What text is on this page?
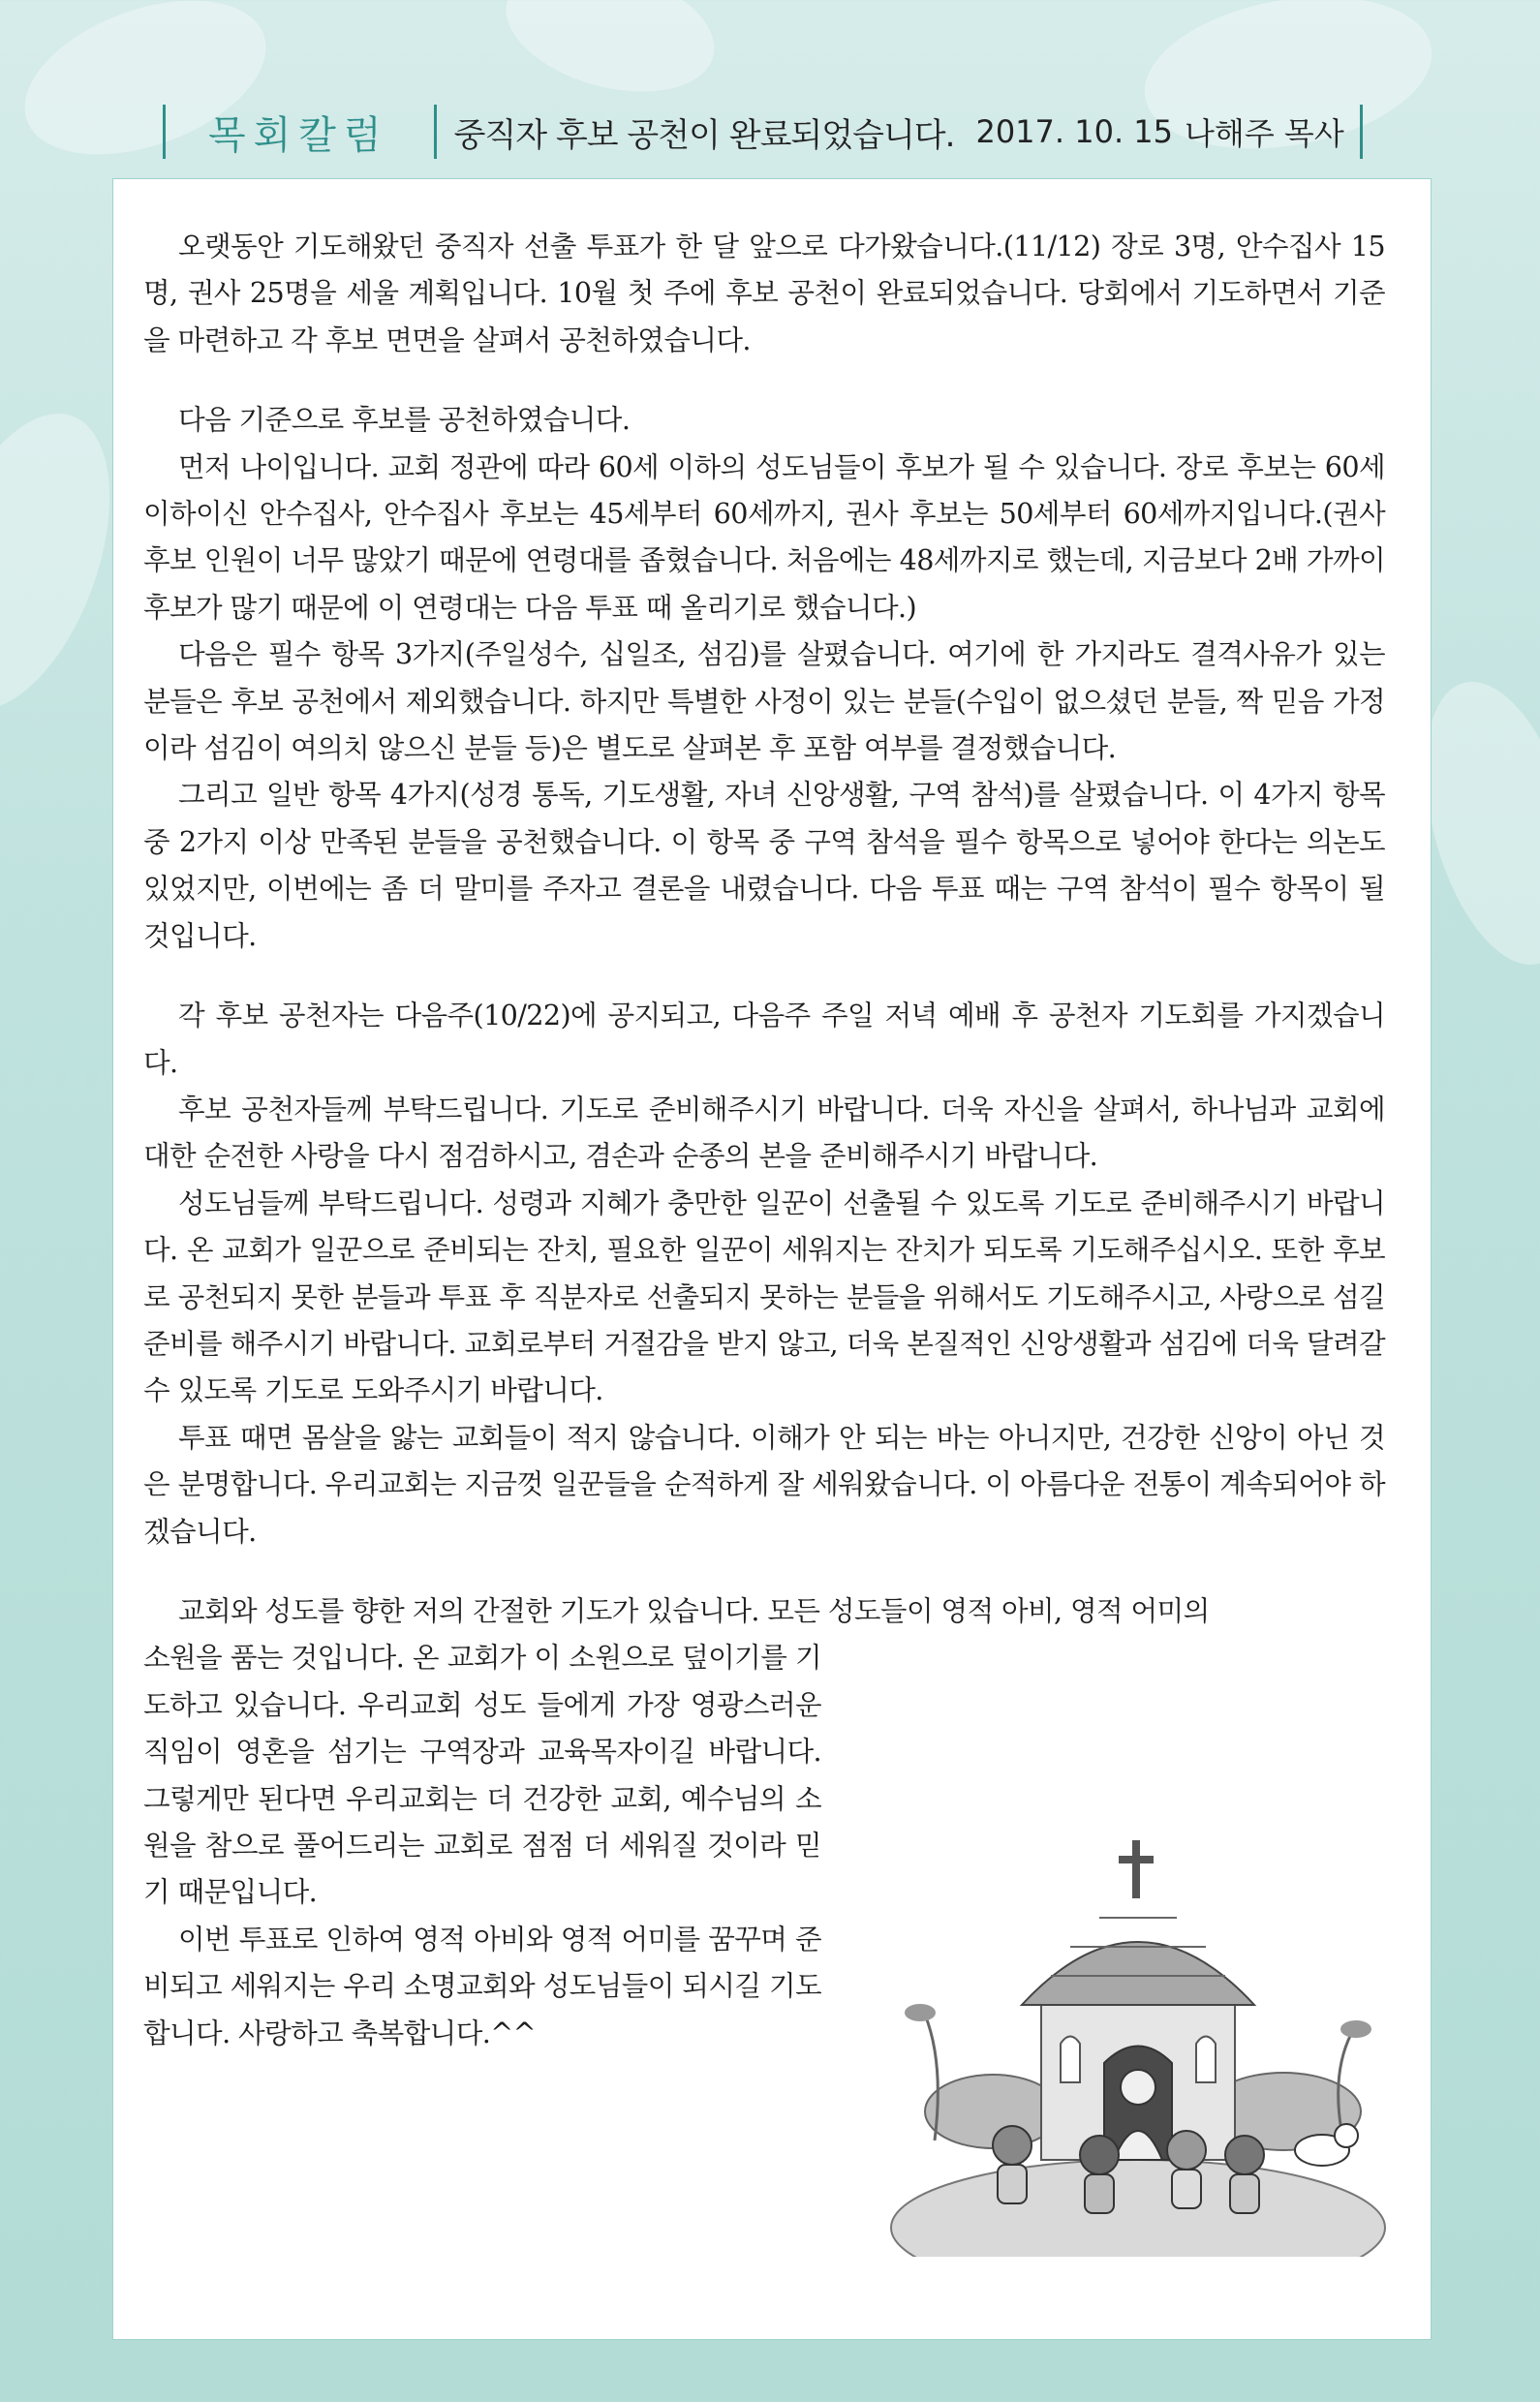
목회칼럼 중직자 후보 공천이 완료되었습니다. 2017. 10. 15 나해주 목사

오랫동안 기도해왔던 중직자 선출 투표가 한 달 앞으로 다가왔습니다.(11/12) 장로 3명, 안수집사 15명, 권사 25명을 세울 계획입니다. 10월 첫 주에 후보 공천이 완료되었습니다. 당회에서 기도하면서 기준을 마련하고 각 후보 면면을 살펴서 공천하였습니다.

다음 기준으로 후보를 공천하였습니다.

먼저 나이입니다. 교회 정관에 따라 60세 이하의 성도님들이 후보가 될 수 있습니다. 장로 후보는 60세 이하이신 안수집사, 안수집사 후보는 45세부터 60세까지, 권사 후보는 50세부터 60세까지입니다.(권사 후보 인원이 너무 많았기 때문에 연령대를 좁혔습니다. 처음에는 48세까지로 했는데, 지금보다 2배 가까이 후보가 많기 때문에 이 연령대는 다음 투표 때 올리기로 했습니다.)

다음은 필수 항목 3가지(주일성수, 십일조, 섬김)를 살폈습니다. 여기에 한 가지라도 결격사유가 있는 분들은 후보 공천에서 제외했습니다. 하지만 특별한 사정이 있는 분들(수입이 없으셨던 분들, 짝 믿음 가정이라 섬김이 여의치 않으신 분들 등)은 별도로 살펴본 후 포함 여부를 결정했습니다.

그리고 일반 항목 4가지(성경 통독, 기도생활, 자녀 신앙생활, 구역 참석)를 살폈습니다. 이 4가지 항목 중 2가지 이상 만족된 분들을 공천했습니다. 이 항목 중 구역 참석을 필수 항목으로 넣어야 한다는 의논도 있었지만, 이번에는 좀 더 말미를 주자고 결론을 내렸습니다. 다음 투표 때는 구역 참석이 필수 항목이 될 것입니다.

각 후보 공천자는 다음주(10/22)에 공지되고, 다음주 주일 저녁 예배 후 공천자 기도회를 가지겠습니다.

후보 공천자들께 부탁드립니다. 기도로 준비해주시기 바랍니다. 더욱 자신을 살펴서, 하나님과 교회에 대한 순전한 사랑을 다시 점검하시고, 겸손과 순종의 본을 준비해주시기 바랍니다.

성도님들께 부탁드립니다. 성령과 지혜가 충만한 일꾼이 선출될 수 있도록 기도로 준비해주시기 바랍니다. 온 교회가 일꾼으로 준비되는 잔치, 필요한 일꾼이 세워지는 잔치가 되도록 기도해주십시오. 또한 후보로 공천되지 못한 분들과 투표 후 직분자로 선출되지 못하는 분들을 위해서도 기도해주시고, 사랑으로 섬길 준비를 해주시기 바랍니다. 교회로부터 거절감을 받지 않고, 더욱 본질적인 신앙생활과 섬김에 더욱 달려갈 수 있도록 기도로 도와주시기 바랍니다.

투표 때면 몸살을 앓는 교회들이 적지 않습니다. 이해가 안 되는 바는 아니지만, 건강한 신앙이 아닌 것은 분명합니다. 우리교회는 지금껏 일꾼들을 순적하게 잘 세워왔습니다. 이 아름다운 전통이 계속되어야 하겠습니다.

교회와 성도를 향한 저의 간절한 기도가 있습니다. 모든 성도들이 영적 아비, 영적 어미의

소원을 품는 것입니다. 온 교회가 이 소원으로 덮이기를 기도하고 있습니다. 우리교회 성도 들에게 가장 영광스러운 직임이 영혼을 섬기는 구역장과 교육목자이길 바랍니다. 그렇게만 된다면 우리교회는 더 건강한 교회, 예수님의 소원을 참으로 풀어드리는 교회로 점점 더 세워질 것이라 믿기 때문입니다.

이번 투표로 인하여 영적 아비와 영적 어미를 꿈꾸며 준비되고 세워지는 우리 소명교회와 성도님들이 되시길 기도합니다. 사랑하고 축복합니다.^^
